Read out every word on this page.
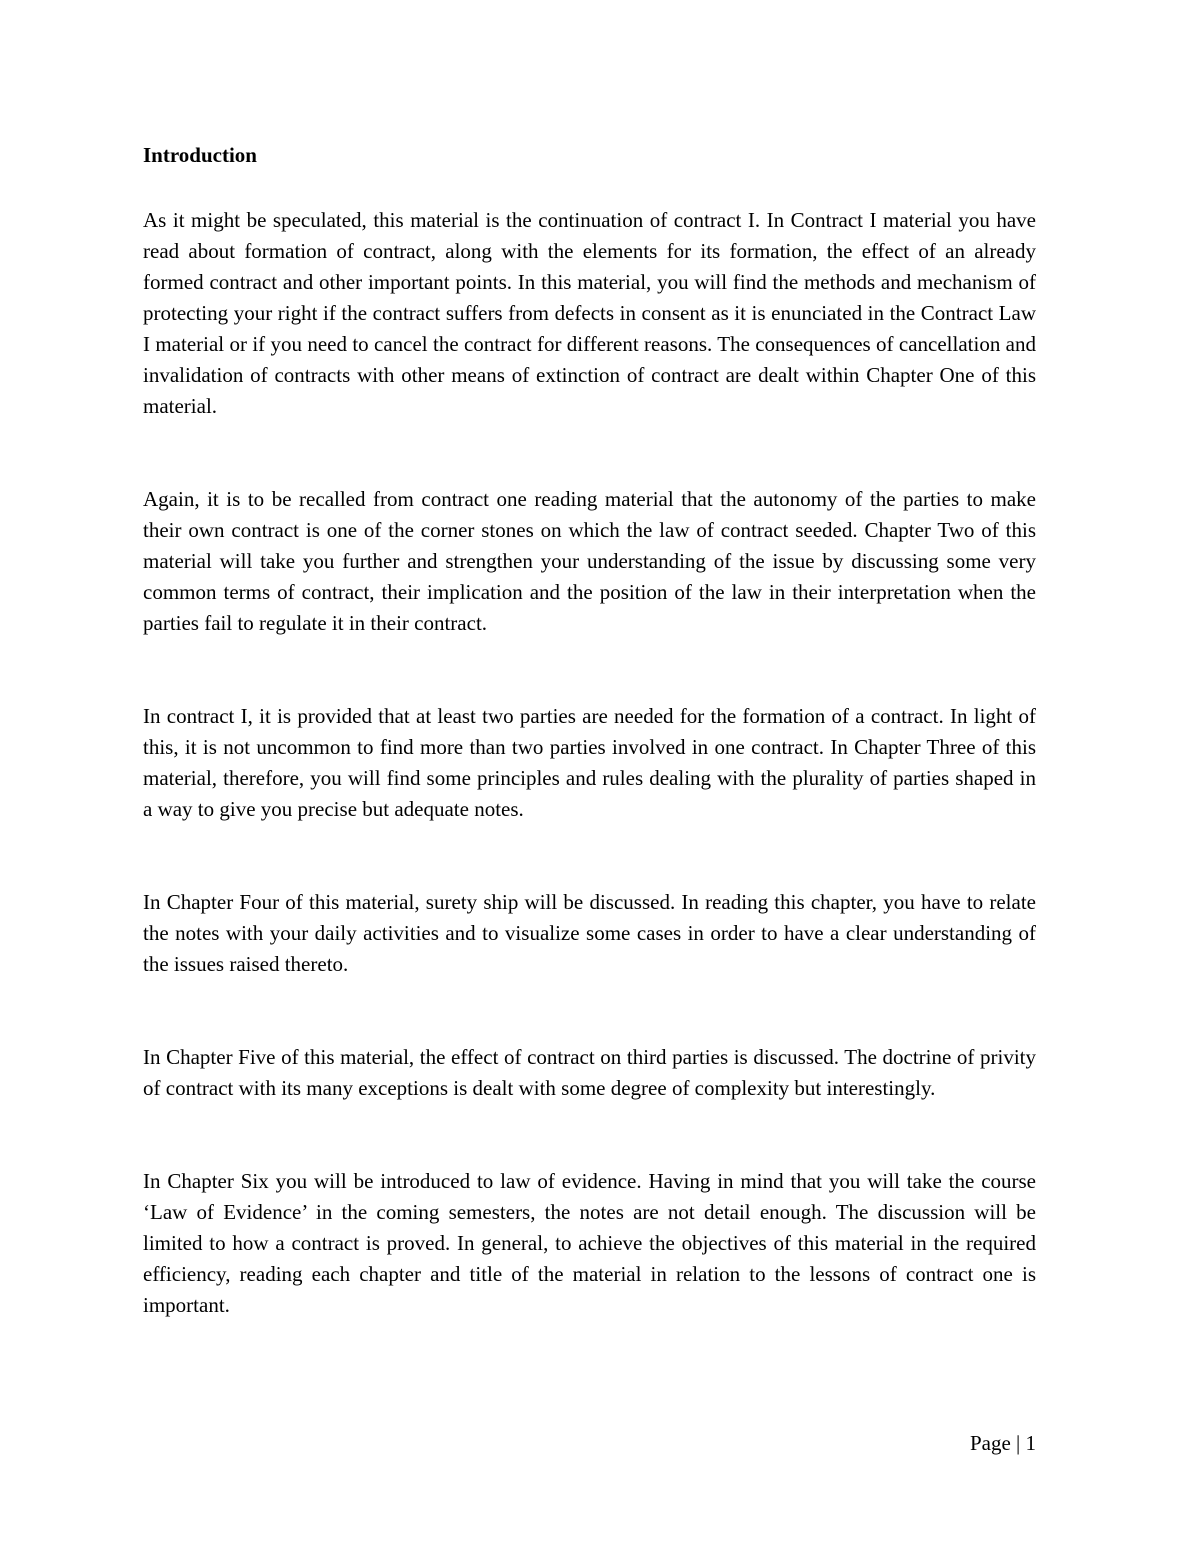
Introduction

As it might be speculated, this material is the continuation of contract I. In Contract I material you have read about formation of contract, along with the elements for its formation, the effect of an already formed contract and other important points. In this material, you will find the methods and mechanism of protecting your right if the contract suffers from defects in consent as it is enunciated in the Contract Law I material or if you need to cancel the contract for different reasons. The consequences of cancellation and invalidation of contracts with other means of extinction of contract are dealt within Chapter One of this material.

Again, it is to be recalled from contract one reading material that the autonomy of the parties to make their own contract is one of the corner stones on which the law of contract seeded. Chapter Two of this material will take you further and strengthen your understanding of the issue by discussing some very common terms of contract, their implication and the position of the law in their interpretation when the parties fail to regulate it in their contract.

In contract I, it is provided that at least two parties are needed for the formation of a contract. In light of this, it is not uncommon to find more than two parties involved in one contract. In Chapter Three of this material, therefore, you will find some principles and rules dealing with the plurality of parties shaped in a way to give you precise but adequate notes.

In Chapter Four of this material, surety ship will be discussed. In reading this chapter, you have to relate the notes with your daily activities and to visualize some cases in order to have a clear understanding of the issues raised thereto.

In Chapter Five of this material, the effect of contract on third parties is discussed. The doctrine of privity of contract with its many exceptions is dealt with some degree of complexity but interestingly.

In Chapter Six you will be introduced to law of evidence. Having in mind that you will take the course ‘Law of Evidence’ in the coming semesters, the notes are not detail enough. The discussion will be limited to how a contract is proved. In general, to achieve the objectives of this material in the required efficiency, reading each chapter and title of the material in relation to the lessons of contract one is important.

Page | 1
